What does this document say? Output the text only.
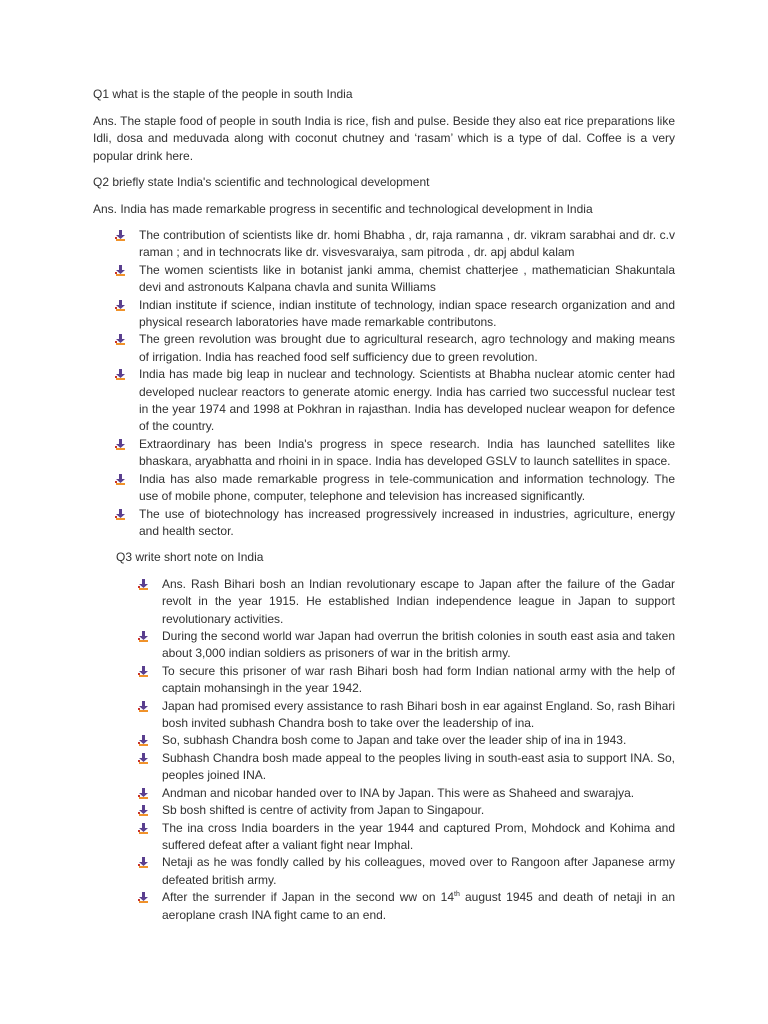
Q1 what is the staple of the people in south India

Ans. The staple food of people in south India is rice, fish and pulse. Beside they also eat rice preparations like Idli, dosa and meduvada along with coconut chutney and ‘rasam’ which is a type of dal. Coffee is a very popular drink here.

Q2 briefly state India's scientific and technological development

Ans. India has made remarkable progress in secentific and technological development in India

The contribution of scientists like dr. homi Bhabha , dr, raja ramanna , dr. vikram sarabhai and dr. c.v raman ; and in technocrats like dr. visvesvaraiya, sam pitroda , dr. apj abdul kalam
The women scientists like in botanist janki amma, chemist chatterjee , mathematician Shakuntala devi and astronouts Kalpana chavla and sunita Williams
Indian institute if science, indian institute of technology, indian space research organization and and physical research laboratories have made remarkable contributons.
The green revolution was brought due to agricultural research, agro technology and making means of irrigation. India has reached food self sufficiency due to green revolution.
India has made big leap in nuclear and technology. Scientists at Bhabha nuclear atomic center had developed nuclear reactors to generate atomic energy. India has carried two successful nuclear test in the year 1974 and 1998 at Pokhran in rajasthan. India has developed nuclear weapon for defence of the country.
Extraordinary has been India's progress in spece research. India has launched satellites like bhaskara, aryabhatta and rhoini in in space. India has developed GSLV to launch satellites in space.
India has also made remarkable progress in tele-communication and information technology. The use of mobile phone, computer, telephone and television has increased significantly.
The use of biotechnology has increased progressively increased in industries, agriculture, energy and health sector.

Q3 write short note on India

Ans. Rash Bihari bosh an Indian revolutionary escape to Japan after the failure of the Gadar revolt in the year 1915. He established Indian independence league in Japan to support revolutionary activities.
During the second world war Japan had overrun the british colonies in south east asia and taken about 3,000 indian soldiers as prisoners of war in the british army.
To secure this prisoner of war rash Bihari bosh had form Indian national army with the help of captain mohansingh in the year 1942.
Japan had promised every assistance to rash Bihari bosh in ear against England. So, rash Bihari bosh invited subhash Chandra bosh to take over the leadership of ina.
So, subhash Chandra bosh come to Japan and take over the leader ship of ina in 1943.
Subhash Chandra bosh made appeal to the peoples living in south-east asia to support INA. So, peoples joined INA.
Andman and nicobar handed over to INA by Japan. This were as Shaheed and swarajya.
Sb bosh shifted is centre of activity from Japan to Singapour.
The ina cross India boarders in the year 1944 and captured Prom, Mohdock and Kohima and suffered defeat after a valiant fight near Imphal.
Netaji as he was fondly called by his colleagues, moved over to Rangoon after Japanese army defeated british army.
After the surrender if Japan in the second ww on 14th august 1945 and death of netaji in an aeroplane crash INA fight came to an end.
